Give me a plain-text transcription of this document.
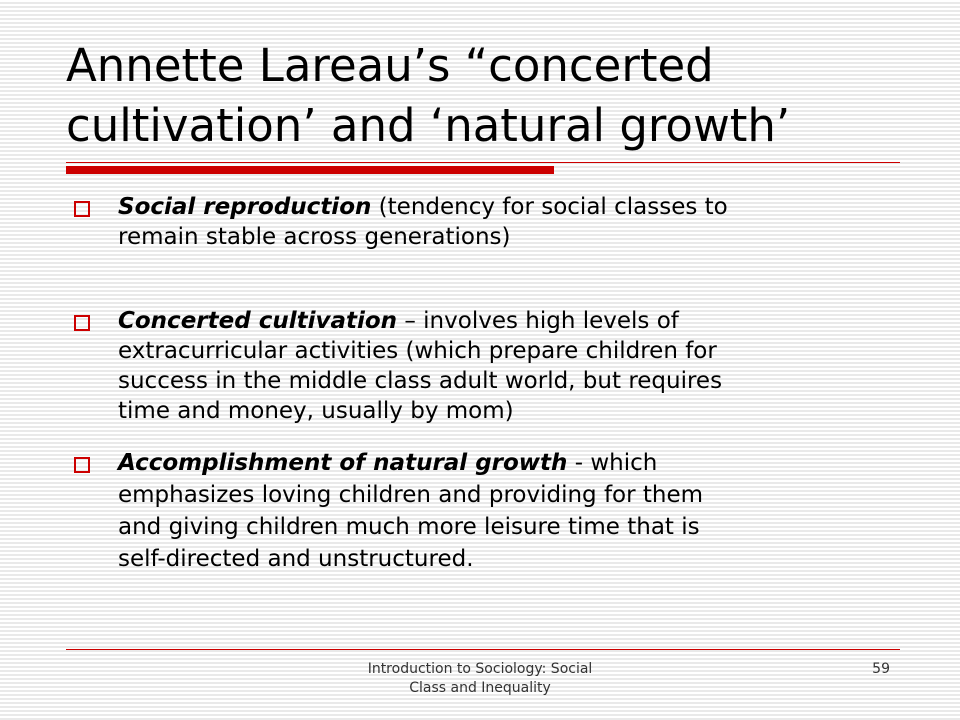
Annette Lareau’s “concerted
cultivation’ and ‘natural growth’
Social reproduction (tendency for social classes to
remain stable across generations)
Concerted cultivation – involves high levels of
extracurricular activities (which prepare children for
success in the middle class adult world, but requires
time and money, usually by mom)
Accomplishment of natural growth - which
emphasizes loving children and providing for them
and giving children much more leisure time that is
self-directed and unstructured.
Introduction to Sociology: Social
Class and Inequality
59
